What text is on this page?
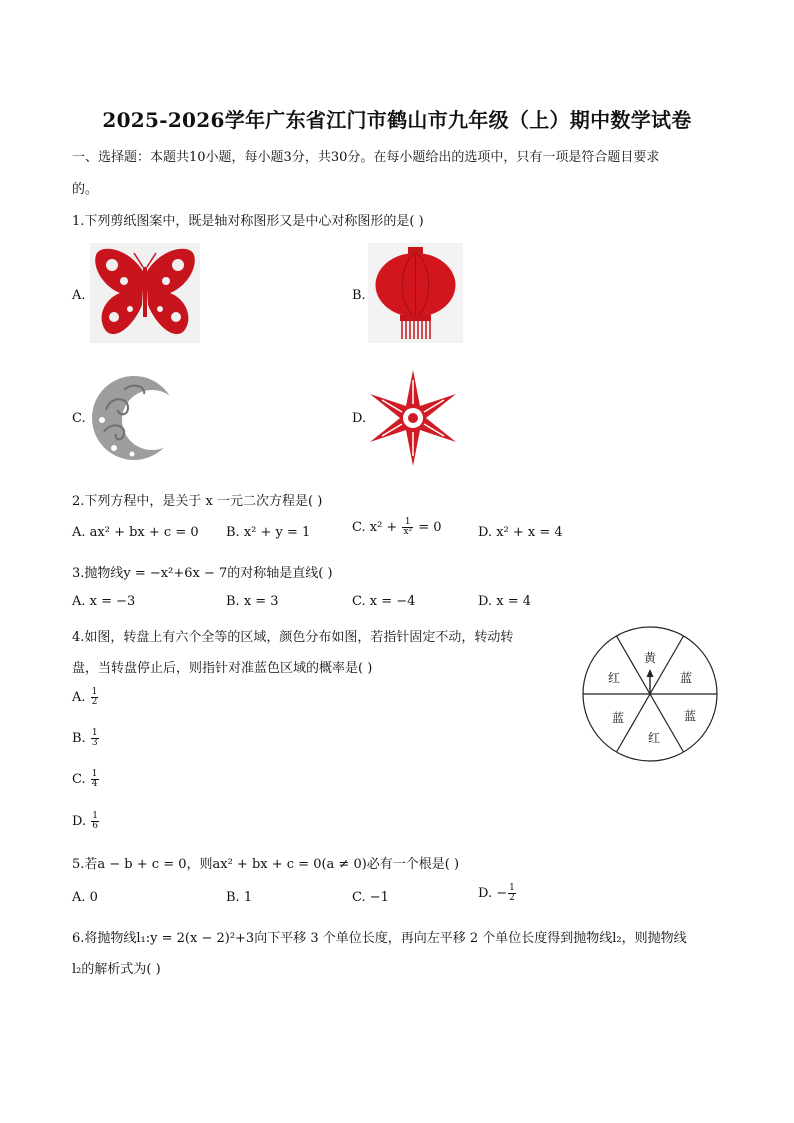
2025-2026学年广东省江门市鹤山市九年级（上）期中数学试卷
一、选择题：本题共10小题，每小题3分，共30分。在每小题给出的选项中，只有一项是符合题目要求
的。
1.下列剪纸图案中，既是轴对称图形又是中心对称图形的是( )
A.	B.
C.	D.
2.下列方程中，是关于 x 一元二次方程是( )
A. ax² + bx + c = 0 B. x² + y = 1	C. $x^2 + \frac{1}{\text{x²}} = 0$	D. x² + x = 4
3.抛物线y = −x²+6x − 7的对称轴是直线( )
A. x = −3	B. x = 3	C. x = −4	D. x = 4
4.如图，转盘上有六个全等的区域，颜色分布如图，若指针固定不动，转动转
盘，当转盘停止后，则指针对准蓝色区域的概率是( )
A. $\frac{1}{2}$
B. $\frac{1}{3}$
C. $\frac{1}{4}$
D. $\frac{1}{6}$
黄
蓝
蓝
红
蓝
红
5.若a − b + c = 0，则ax² + bx + c = 0(a ≠ 0)必有一个根是( )
A. 0	B. 1	C. −1	D. − $\frac{1}{2}$
6.将抛物线l₁:y = 2(x − 2)²+3向下平移 3 个单位长度，再向左平移 2 个单位长度得到抛物线l₂，则抛物线
l₂的解析式为( )
